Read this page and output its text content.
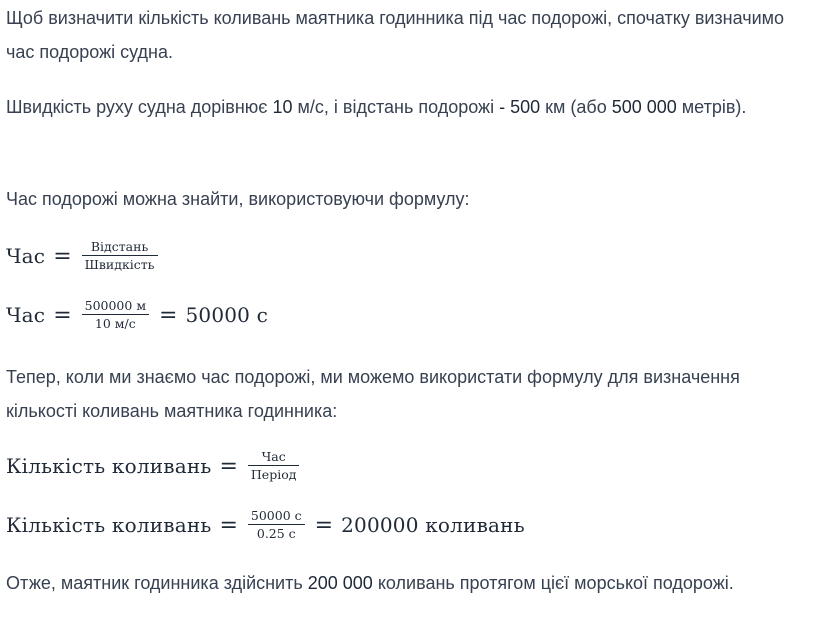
Щоб визначити кількість коливань маятника годинника під час подорожі, спочатку визначимо час подорожі судна.

Швидкість руху судна дорівнює 10 м/с, і відстань подорожі - 500 км (або 500 000 метрів).

Час подорожі можна знайти, використовуючи формулу:

Час = $\frac{\text{Відстань}}{\text{Швидкість}}$
Час = $\frac{500000 м}{10 м/с} = 50000$ с

Тепер, коли ми знаємо час подорожі, ми можемо використати формулу для визначення кількості коливань маятника годинника:

Кількість коливань = $\frac{\text{Час}}{\text{Період}}$
Кількість коливань = $\frac{50000 с}{0.25 с} = 200000$ коливань

Отже, маятник годинника здійснить 200 000 коливань протягом цієї морської подорожі.
